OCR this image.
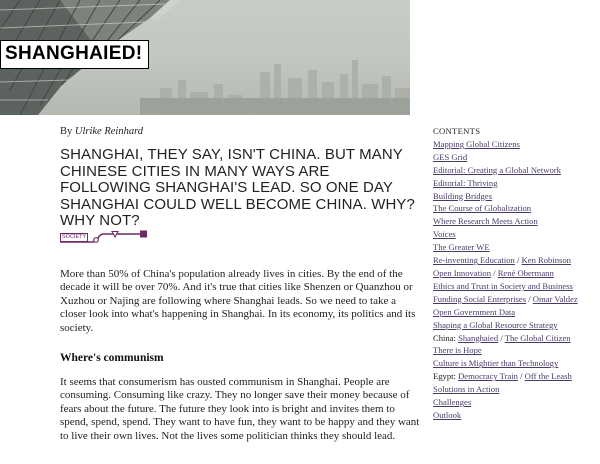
SHANGHAIED!

By Ulrike Reinhard

SHANGHAI, THEY SAY, ISN'T CHINA. BUT MANY CHINESE CITIES IN MANY WAYS ARE FOLLOWING SHANGHAI'S LEAD. SO ONE DAY SHANGHAI COULD WELL BECOME CHINA. WHY? WHY NOT?

SOCIETY

More than 50% of China's population already lives in cities. By the end of the decade it will be over 70%. And it's true that cities like Shenzen or Quanzhou or Xuzhou or Najing are following where Shanghai leads. So we need to take a closer look into what's happening in Shanghai. In its economy, its politics and its society.

Where's communism

It seems that consumerism has ousted communism in Shanghai. People are consuming. Consuming like crazy. They no longer save their money because of fears about the future. The future they look into is bright and invites them to spend, spend, spend. They want to have fun, they want to be happy and they want to live their own lives. Not the lives some politician thinks they should lead.

CONTENTS

Mapping Global Citizens
GES Grid
Editorial: Creating a Global Network
Editorial: Thriving
Building Bridges
The Course of Globalization
Where Research Meets Action
Voices
The Greater WE
Re-inventing Education / Ken Robinson
Open Innovation / René Obermann
Ethics and Trust in Society and Business
Funding Social Enterprises / Omar Valdez
Open Government Data
Shaping a Global Resource Strategy
China: Shanghaied / The Global Citizen
There is Hope
Culture is Mightier than Technology
Egypt: Democracy Train / Off the Leash
Solutions in Action
Challenges
Outlook
